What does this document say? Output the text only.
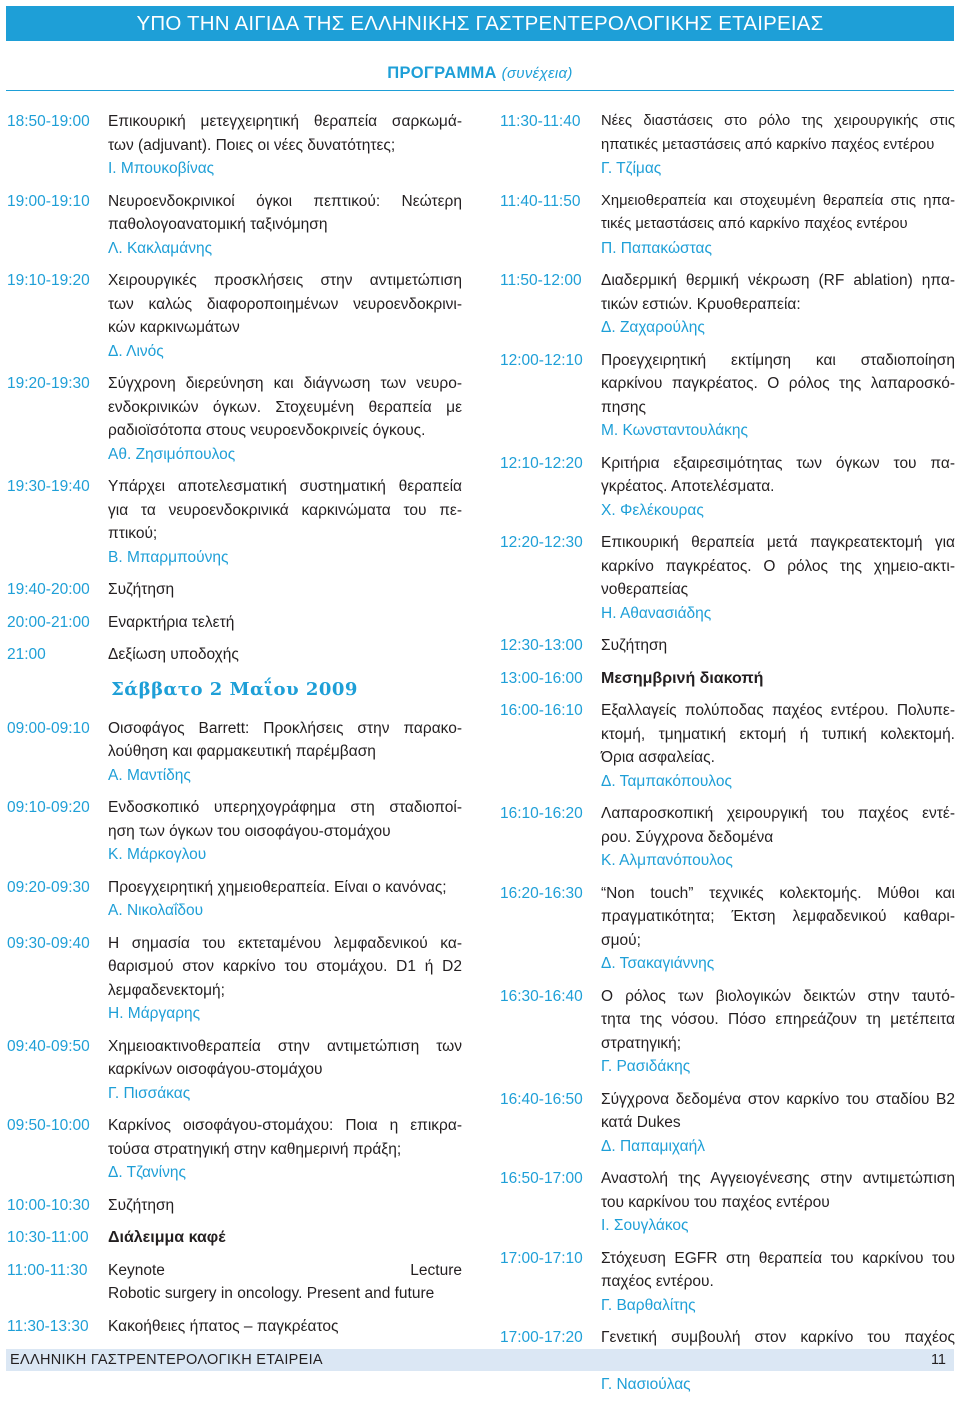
ΥΠΟ ΤΗΝ ΑΙΓΙΔΑ ΤΗΣ ΕΛΛΗΝΙΚΗΣ ΓΑΣΤΡΕΝΤΕΡΟΛΟΓΙΚΗΣ ΕΤΑΙΡΕΙΑΣ
ΠΡΟΓΡΑΜΜΑ (συνέχεια)
18:50-19:00	Επικουρική μετεγχειρητική θεραπεία σαρκωμά-
των (adjuvant). Ποιες οι νέες δυνατότητες;
Ι. Μπουκοβίνας
19:00-19:10	Νευροενδοκρινικοί όγκοι πεπτικού: Νεώτερη
παθολογοανατομική ταξινόμηση
Λ. Κακλαμάνης
19:10-19:20	Χειρουργικές προσκλήσεις στην αντιμετώπιση
των καλώς διαφοροποιημένων νευροενδοκρινι-
κών καρκινωμάτων
Δ. Λινός
19:20-19:30	Σύγχρονη διερεύνηση και διάγνωση των νευρο-
ενδοκρινικών όγκων. Στοχευμένη θεραπεία με
ραδιοϊσότοπα στους νευροενδοκρινείς όγκους.
Αθ. Ζησιμόπουλος
19:30-19:40	Υπάρχει αποτελεσματική συστηματική θεραπεία
για τα νευροενδοκρινικά καρκινώματα του πε-
πτικού;
Β. Μπαρμπούνης
19:40-20:00	Συζήτηση
20:00-21:00	Εναρκτήρια τελετή
21:00	Δεξίωση υποδοχής
Σάββατο 2 Μαΐου 2009
09:00-09:10	Οισοφάγος Barrett: Προκλήσεις στην παρακο-
λούθηση και φαρμακευτική παρέμβαση
Α. Μαντίδης
09:10-09:20	Ενδοσκοπικό υπερηχογράφημα στη σταδιοποί-
ηση των όγκων του οισοφάγου-στομάχου
Κ. Μάρκογλου
09:20-09:30	Προεγχειρητική χημειοθεραπεία. Είναι ο κανόνας;
Α. Νικολαΐδου
09:30-09:40	Η σημασία του εκτεταμένου λεμφαδενικού κα-
θαρισμού στον καρκίνο του στομάχου. D1 ή D2
λεμφαδενεκτομή;
Η. Μάργαρης
09:40-09:50	Χημειοακτινοθεραπεία στην αντιμετώπιση των
καρκίνων οισοφάγου-στομάχου
Γ. Πισσάκας
09:50-10:00	Καρκίνος οισοφάγου-στομάχου: Ποια η επικρα-
τούσα στρατηγική στην καθημερινή πράξη;
Δ. Τζανίνης
10:00-10:30	Συζήτηση
10:30-11:00	Διάλειμμα καφέ
11:00-11:30	Keynote Lecture
Robotic surgery in oncology. Present and future
11:30-13:30	Κακοήθειες ήπατος – παγκρέατος
11:30-11:40	Νέες διαστάσεις στο ρόλο της χειρουργικής στις
ηπατικές μεταστάσεις από καρκίνο παχέος εντέρου
Γ. Τζίμας
11:40-11:50	Χημειοθεραπεία και στοχευμένη θεραπεία στις ηπα-
τικές μεταστάσεις από καρκίνο παχέος εντέρου
Π. Παπακώστας
11:50-12:00	Διαδερμική θερμική νέκρωση (RF ablation) ηπα-
τικών εστιών. Κρυοθεραπεία:
Δ. Ζαχαρούλης
12:00-12:10	Προεγχειρητική εκτίμηση και σταδιοποίηση
καρκίνου παγκρέατος. Ο ρόλος της λαπαροσκό-
πησης
Μ. Κωνσταντουλάκης
12:10-12:20	Κριτήρια εξαιρεσιμότητας των όγκων του πα-
γκρέατος. Αποτελέσματα.
Χ. Φελέκουρας
12:20-12:30	Επικουρική θεραπεία μετά παγκρεατεκτομή για
καρκίνο παγκρέατος. Ο ρόλος της χημειο-ακτι-
νοθεραπείας
Η. Αθανασιάδης
12:30-13:00	Συζήτηση
13:00-16:00	Μεσημβρινή διακοπή
16:00-16:10	Εξαλλαγείς πολύποδας παχέος εντέρου. Πολυπε-
κτομή, τμηματική εκτομή ή τυπική κολεκτομή.
Όρια ασφαλείας.
Δ. Ταμπακόπουλος
16:10-16:20	Λαπαροσκοπική χειρουργική του παχέος εντέ-
ρου. Σύγχρονα δεδομένα
Κ. Αλμπανόπουλος
16:20-16:30	“Non touch” τεχνικές κολεκτομής. Μύθοι και
πραγματικότητα; Έκτση λεμφαδενικού καθαρι-
σμού;
Δ. Τσακαγιάννης
16:30-16:40	Ο ρόλος των βιολογικών δεικτών στην ταυτό-
τητα της νόσου. Πόσο επηρεάζουν τη μετέπειτα
στρατηγική;
Γ. Ρασιδάκης
16:40-16:50	Σύγχρονα δεδομένα στον καρκίνο του σταδίου Β2
κατά Dukes
Δ. Παπαμιχαήλ
16:50-17:00	Αναστολή της Αγγειογένεσης στην αντιμετώπιση
του καρκίνου του παχέος εντέρου
Ι. Σουγλάκος
17:00-17:10	Στόχευση EGFR στη θεραπεία του καρκίνου του
παχέος εντέρου.
Γ. Βαρθαλίτης
17:00-17:20	Γενετική συμβουλή στον καρκίνο του παχέος
Γ. Νασιούλας
ΕΛΛΗΝΙΚΗ ΓΑΣΤΡΕΝΤΕΡΟΛΟΓΙΚΗ ΕΤΑΙΡΕΙΑ	11
